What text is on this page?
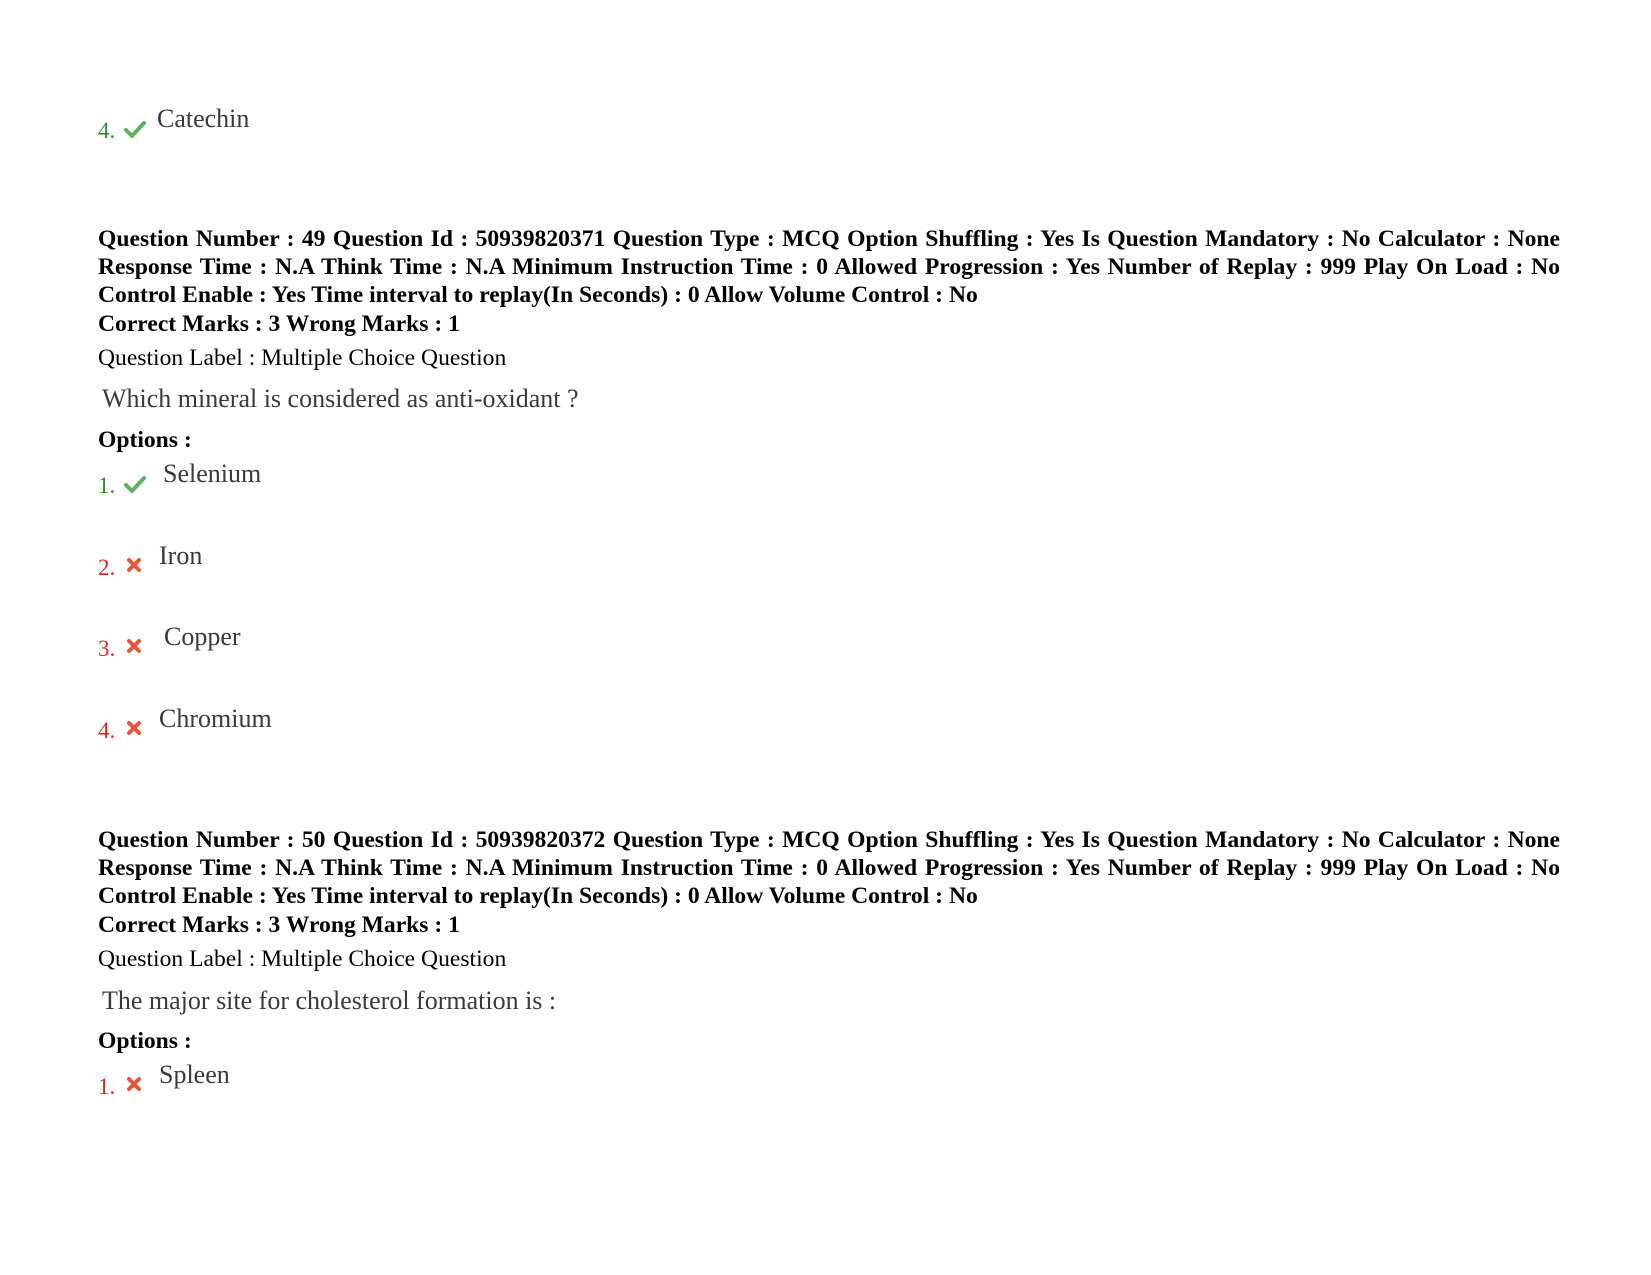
4. Catechin
Question Number : 49 Question Id : 50939820371 Question Type : MCQ Option Shuffling : Yes Is Question Mandatory : No Calculator : None Response Time : N.A Think Time : N.A Minimum Instruction Time : 0 Allowed Progression : Yes Number of Replay : 999 Play On Load : No Control Enable : Yes Time interval to replay(In Seconds) : 0 Allow Volume Control : No
Correct Marks : 3 Wrong Marks : 1
Question Label : Multiple Choice Question
Which mineral is considered as anti-oxidant ?
Options :
1. Selenium
2. Iron
3. Copper
4. Chromium
Question Number : 50 Question Id : 50939820372 Question Type : MCQ Option Shuffling : Yes Is Question Mandatory : No Calculator : None Response Time : N.A Think Time : N.A Minimum Instruction Time : 0 Allowed Progression : Yes Number of Replay : 999 Play On Load : No Control Enable : Yes Time interval to replay(In Seconds) : 0 Allow Volume Control : No
Correct Marks : 3 Wrong Marks : 1
Question Label : Multiple Choice Question
The major site for cholesterol formation is :
Options :
1. Spleen
